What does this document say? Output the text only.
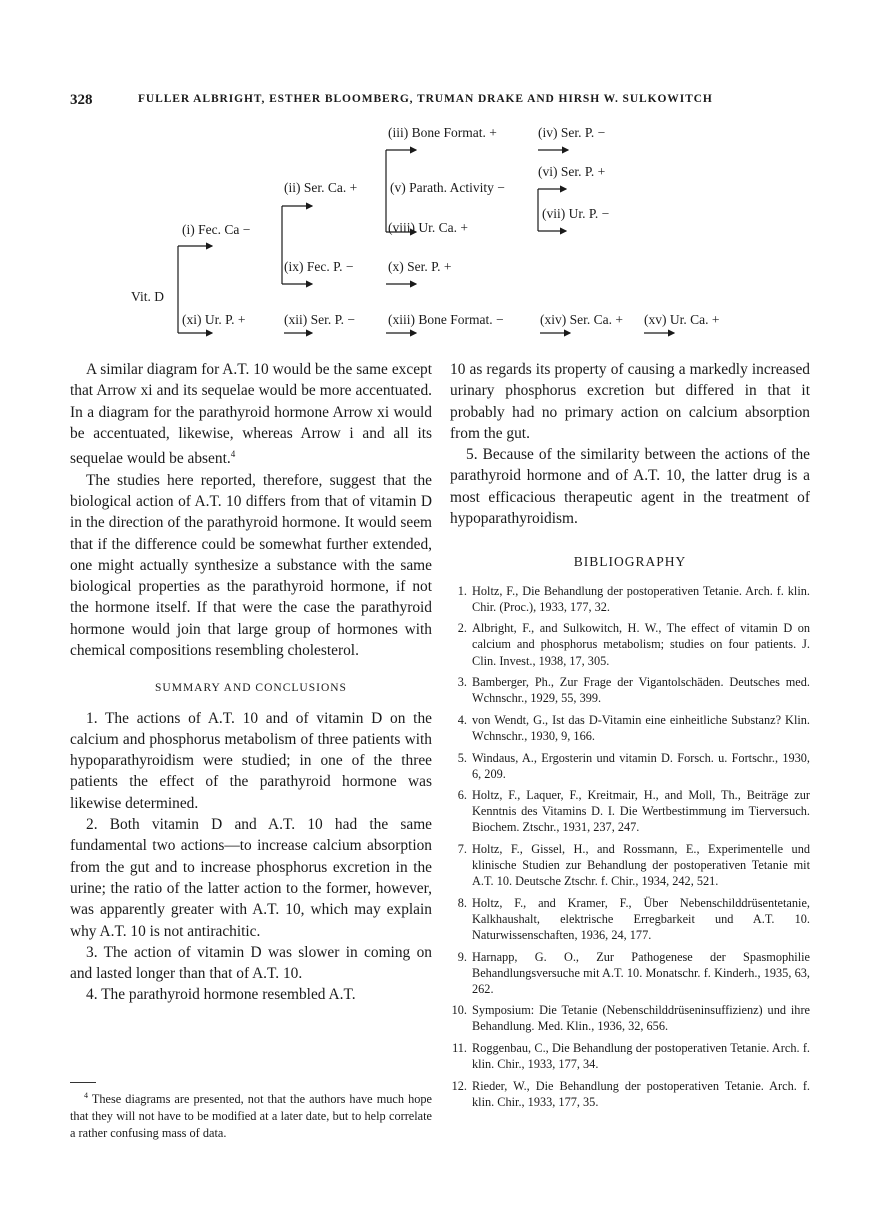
328	FULLER ALBRIGHT, ESTHER BLOOMBERG, TRUMAN DRAKE AND HIRSH W. SULKOWITCH
Vit. D
(i) Fec. Ca −
(ii) Ser. Ca. +
(iii) Bone Format. +	(iv) Ser. P. −
(v) Parath. Activity −
(vi) Ser. P. +
(vii) Ur. P. −
(viii) Ur. Ca. +
(ix) Fec. P. −	(x) Ser. P. +
(xi) Ur. P. +	(xii) Ser. P. − (xiii) Bone Format. −	(xiv) Ser. Ca. + (xv) Ur. Ca. +

A similar diagram for A.T. 10 would be the same except that Arrow xi and its sequelae would be more accentuated. In a diagram for the parathyroid hormone Arrow xi would be accentuated, likewise, whereas Arrow i and all its sequelae would be absent.$^4$

The studies here reported, therefore, suggest that the biological action of A.T. 10 differs from that of vitamin D in the direction of the parathyroid hormone. It would seem that if the difference could be somewhat further extended, one might actually synthesize a substance with the same biological properties as the parathyroid hormone, if not the hormone itself. If that were the case the parathyroid hormone would join that large group of hormones with chemical compositions resembling cholesterol.

SUMMARY AND CONCLUSIONS

1. The actions of A.T. 10 and of vitamin D on the calcium and phosphorus metabolism of three patients with hypoparathyroidism were studied; in one of the three patients the effect of the parathyroid hormone was likewise determined.

2. Both vitamin D and A.T. 10 had the same fundamental two actions—to increase calcium absorption from the gut and to increase phosphorus excretion in the urine; the ratio of the latter action to the former, however, was apparently greater with A.T. 10, which may explain why A.T. 10 is not antirachitic.

3. The action of vitamin D was slower in coming on and lasted longer than that of A.T. 10.

4. The parathyroid hormone resembled A.T.

$^4$ These diagrams are presented, not that the authors have much hope that they will not have to be modified at a later date, but to help correlate a rather confusing mass of data.

10 as regards its property of causing a markedly increased urinary phosphorus excretion but differed in that it probably had no primary action on calcium absorption from the gut.

5. Because of the similarity between the actions of the parathyroid hormone and of A.T. 10, the latter drug is a most efficacious therapeutic agent in the treatment of hypoparathyroidism.

BIBLIOGRAPHY
1. Holtz, F., Die Behandlung der postoperativen Tetanie. Arch. f. klin. Chir. (Proc.), 1933, 177, 32.
2. Albright, F., and Sulkowitch, H. W., The effect of vitamin D on calcium and phosphorus metabolism; studies on four patients. J. Clin. Invest., 1938, 17, 305.
3. Bamberger, Ph., Zur Frage der Vigantolschäden. Deutsches med. Wchnschr., 1929, 55, 399.
4. von Wendt, G., Ist das D-Vitamin eine einheitliche Substanz? Klin. Wchnschr., 1930, 9, 166.
5. Windaus, A., Ergosterin und vitamin D. Forsch. u. Fortschr., 1930, 6, 209.
6. Holtz, F., Laquer, F., Kreitmair, H., and Moll, Th., Beiträge zur Kenntnis des Vitamins D. I. Die Wertbestimmung im Tierversuch. Biochem. Ztschr., 1931, 237, 247.
7. Holtz, F., Gissel, H., and Rossmann, E., Experimentelle und klinische Studien zur Behandlung der postoperativen Tetanie mit A.T. 10. Deutsche Ztschr. f. Chir., 1934, 242, 521.
8. Holtz, F., and Kramer, F., Über Nebenschilddrüsentetanie, Kalkhaushalt, elektrische Erregbarkeit und A.T. 10. Naturwissenschaften, 1936, 24, 177.
9. Harnapp, G. O., Zur Pathogenese der Spasmophilie Behandlungsversuche mit A.T. 10. Monatschr. f. Kinderh., 1935, 63, 262.
10. Symposium: Die Tetanie (Nebenschilddrüseninsuffizienz) und ihre Behandlung. Med. Klin., 1936, 32, 656.
11. Roggenbau, C., Die Behandlung der postoperativen Tetanie. Arch. f. klin. Chir., 1933, 177, 34.
12. Rieder, W., Die Behandlung der postoperativen Tetanie. Arch. f. klin. Chir., 1933, 177, 35.
